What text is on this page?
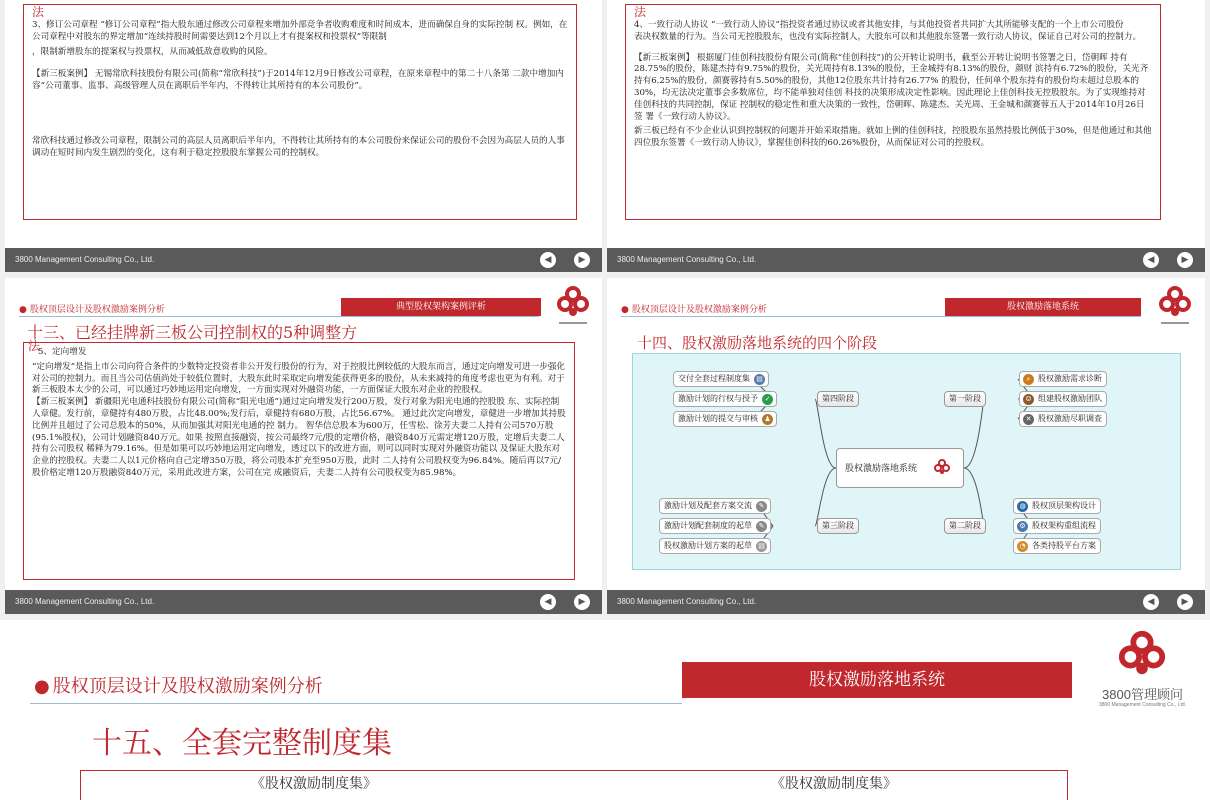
法

3、修订公司章程 “修订公司章程”指大股东通过修改公司章程来增加外部竞争者收购难度和时间成本，进而确保自身的实际控制 权。例如，在公司章程中对股东的界定增加“连续持股时间需要达到12个月以上才有提案权和投票权”等限制

，限制新增股东的提案权与投票权，从而减低敌意收购的风险。

【新三板案例】 无锡常欣科技股份有限公司(简称“常欣科技”)于2014年12月9日修改公司章程，在原来章程中的第二十八条第 二款中增加内容“公司董事、监事、高级管理人员在离职后半年内，不得转让其所持有的本公司股份”。

常欣科技通过修改公司章程，限制公司的高层人员离职后半年内，不得转让其所持有的本公司股份来保证公司的股份不会因为高层人员的人事调动在短时间内发生剧烈的变化，这有利于稳定控股股东掌握公司的控制权。

3800 Management Consulting Co., Ltd.	◀	▶
法

4、一致行动人协议 “一致行动人协议”指投资者通过协议或者其他安排，与其他投资者共同扩大其所能够支配的一个上市公司股份

表决权数量的行为。当公司无控股股东，也没有实际控制人，大股东可以和其他股东签署一致行动人协议，保证自己对公司的控制力。

【新三板案例】 根据厦门佳创科技股份有限公司(简称“佳创科技”)的公开转让说明书，截至公开转让说明书签署之日，岱朝晖 持有28.75%的股份，陈建杰持有9.75%的股份，关光周持有8.13%的股份，王金城持有8.13%的股份，颜财 滨持有6.72%的股份，关光齐持有6.25%的股份，颜赛蓉持有5.50%的股份，其他12位股东共计持有26.77% 的股份，任何单个股东持有的股份均未超过总股本的30%，均无法决定董事会多数席位，均不能单独对佳创 科技的决策形成决定性影响。因此理论上佳创科技无控股股东。为了实现维持对佳创科技的共同控制，保证 控制权的稳定性和重大决策的一致性，岱朝晖、陈建杰、关光周、王金城和颜赛蓉五人于2014年10月26日签 署《一致行动人协议》。

新三板已经有不少企业认识到控制权的问题并开始采取措施。就如上例的佳创科技，控股股东虽然持股比例低于30%，但是他通过和其他四位股东签署《一致行动人协议》，掌握佳创科技的60.26%股份，从而保证对公司的控股权。

3800 Management Consulting Co., Ltd.	◀	▶
● 股权顶层设计及股权激励案例分析	典型股权架构案例评析
十三、已经挂牌新三板公司控制权的5种调整方
法

5、定向增发

“定向增发”是指上市公司向符合条件的少数特定投资者非公开发行股份的行为，对于控股比例较低的大股东而言，通过定向增发可进一步强化对公司的控制力。而且当公司估值尚处于较低位置时，大股东此时采取定向增发能获得更多的股份，从未来减持的角度考虑也更为有利。对于新三板股本太少的公司，可以通过巧妙地运用定向增发，一方面实现对外融资功能，一方面保证大股东对企业的控股权。

【新三板案例】 新疆阳光电通科技股份有限公司(简称“阳光电通”)通过定向增发发行200万股，发行对象为阳光电通的控股股 东、实际控制人章健。发行前，章健持有480万股，占比48.00%;发行后，章健持有680万股，占比56.67%。 通过此次定向增发，章健进一步增加其持股比例并且超过了公司总股本的50%，从而加强其对阳光电通的控 制力。 智华信总股本为600万，任雪松、徐芳夫妻二人持有公司570万股(95.1%股权)，公司计划融资840万元。如果 按照直接融资，按公司最终7元/股的定增价格，融资840万元需定增120万股，定增后夫妻二人持有公司股权 稀释为79.16%。但是如果可以巧妙地运用定向增发，透过以下的改进方面，则可以同时实现对外融资功能以 及保证大股东对企业的控股权。夫妻二人以1元价格向自己定增350万股，将公司股本扩充至950万股，此时 二人持有公司股权变为96.84%。随后再以7元/股价格定增120万股融资840万元，采用此改进方案，公司在完 成融资后，夫妻二人持有公司股权变为85.98%。

3800 Management Consulting Co., Ltd.	◀	▶
● 股权顶层设计及股权激励案例分析	股权激励落地系统
十四、股权激励落地系统的四个阶段
第四阶段	第一阶段
第三阶段	第二阶段
股权激励落地系统
交付全套过程制度集 ▤
激励计划的行权与授予 ✓
激励计划的提交与审核 ♟
⌕ 股权激励需求诊断
☺ 组建股权激励团队
✕ 股权激励尽职调查
激励计划及配套方案交流 ✎
激励计划配套制度的起草 ✎
股权激励计划方案的起草 ▤
◍ 股权顶层架构设计
⚙ 股权架构重组流程
◔ 各类持股平台方案
3800 Management Consulting Co., Ltd.	◀	▶
● 股权顶层设计及股权激励案例分析	股权激励落地系统
3800管理顾问
3800 Management Consulting Co., Ltd.
十五、全套完整制度集
《股权激励制度集》	《股权激励制度集》
